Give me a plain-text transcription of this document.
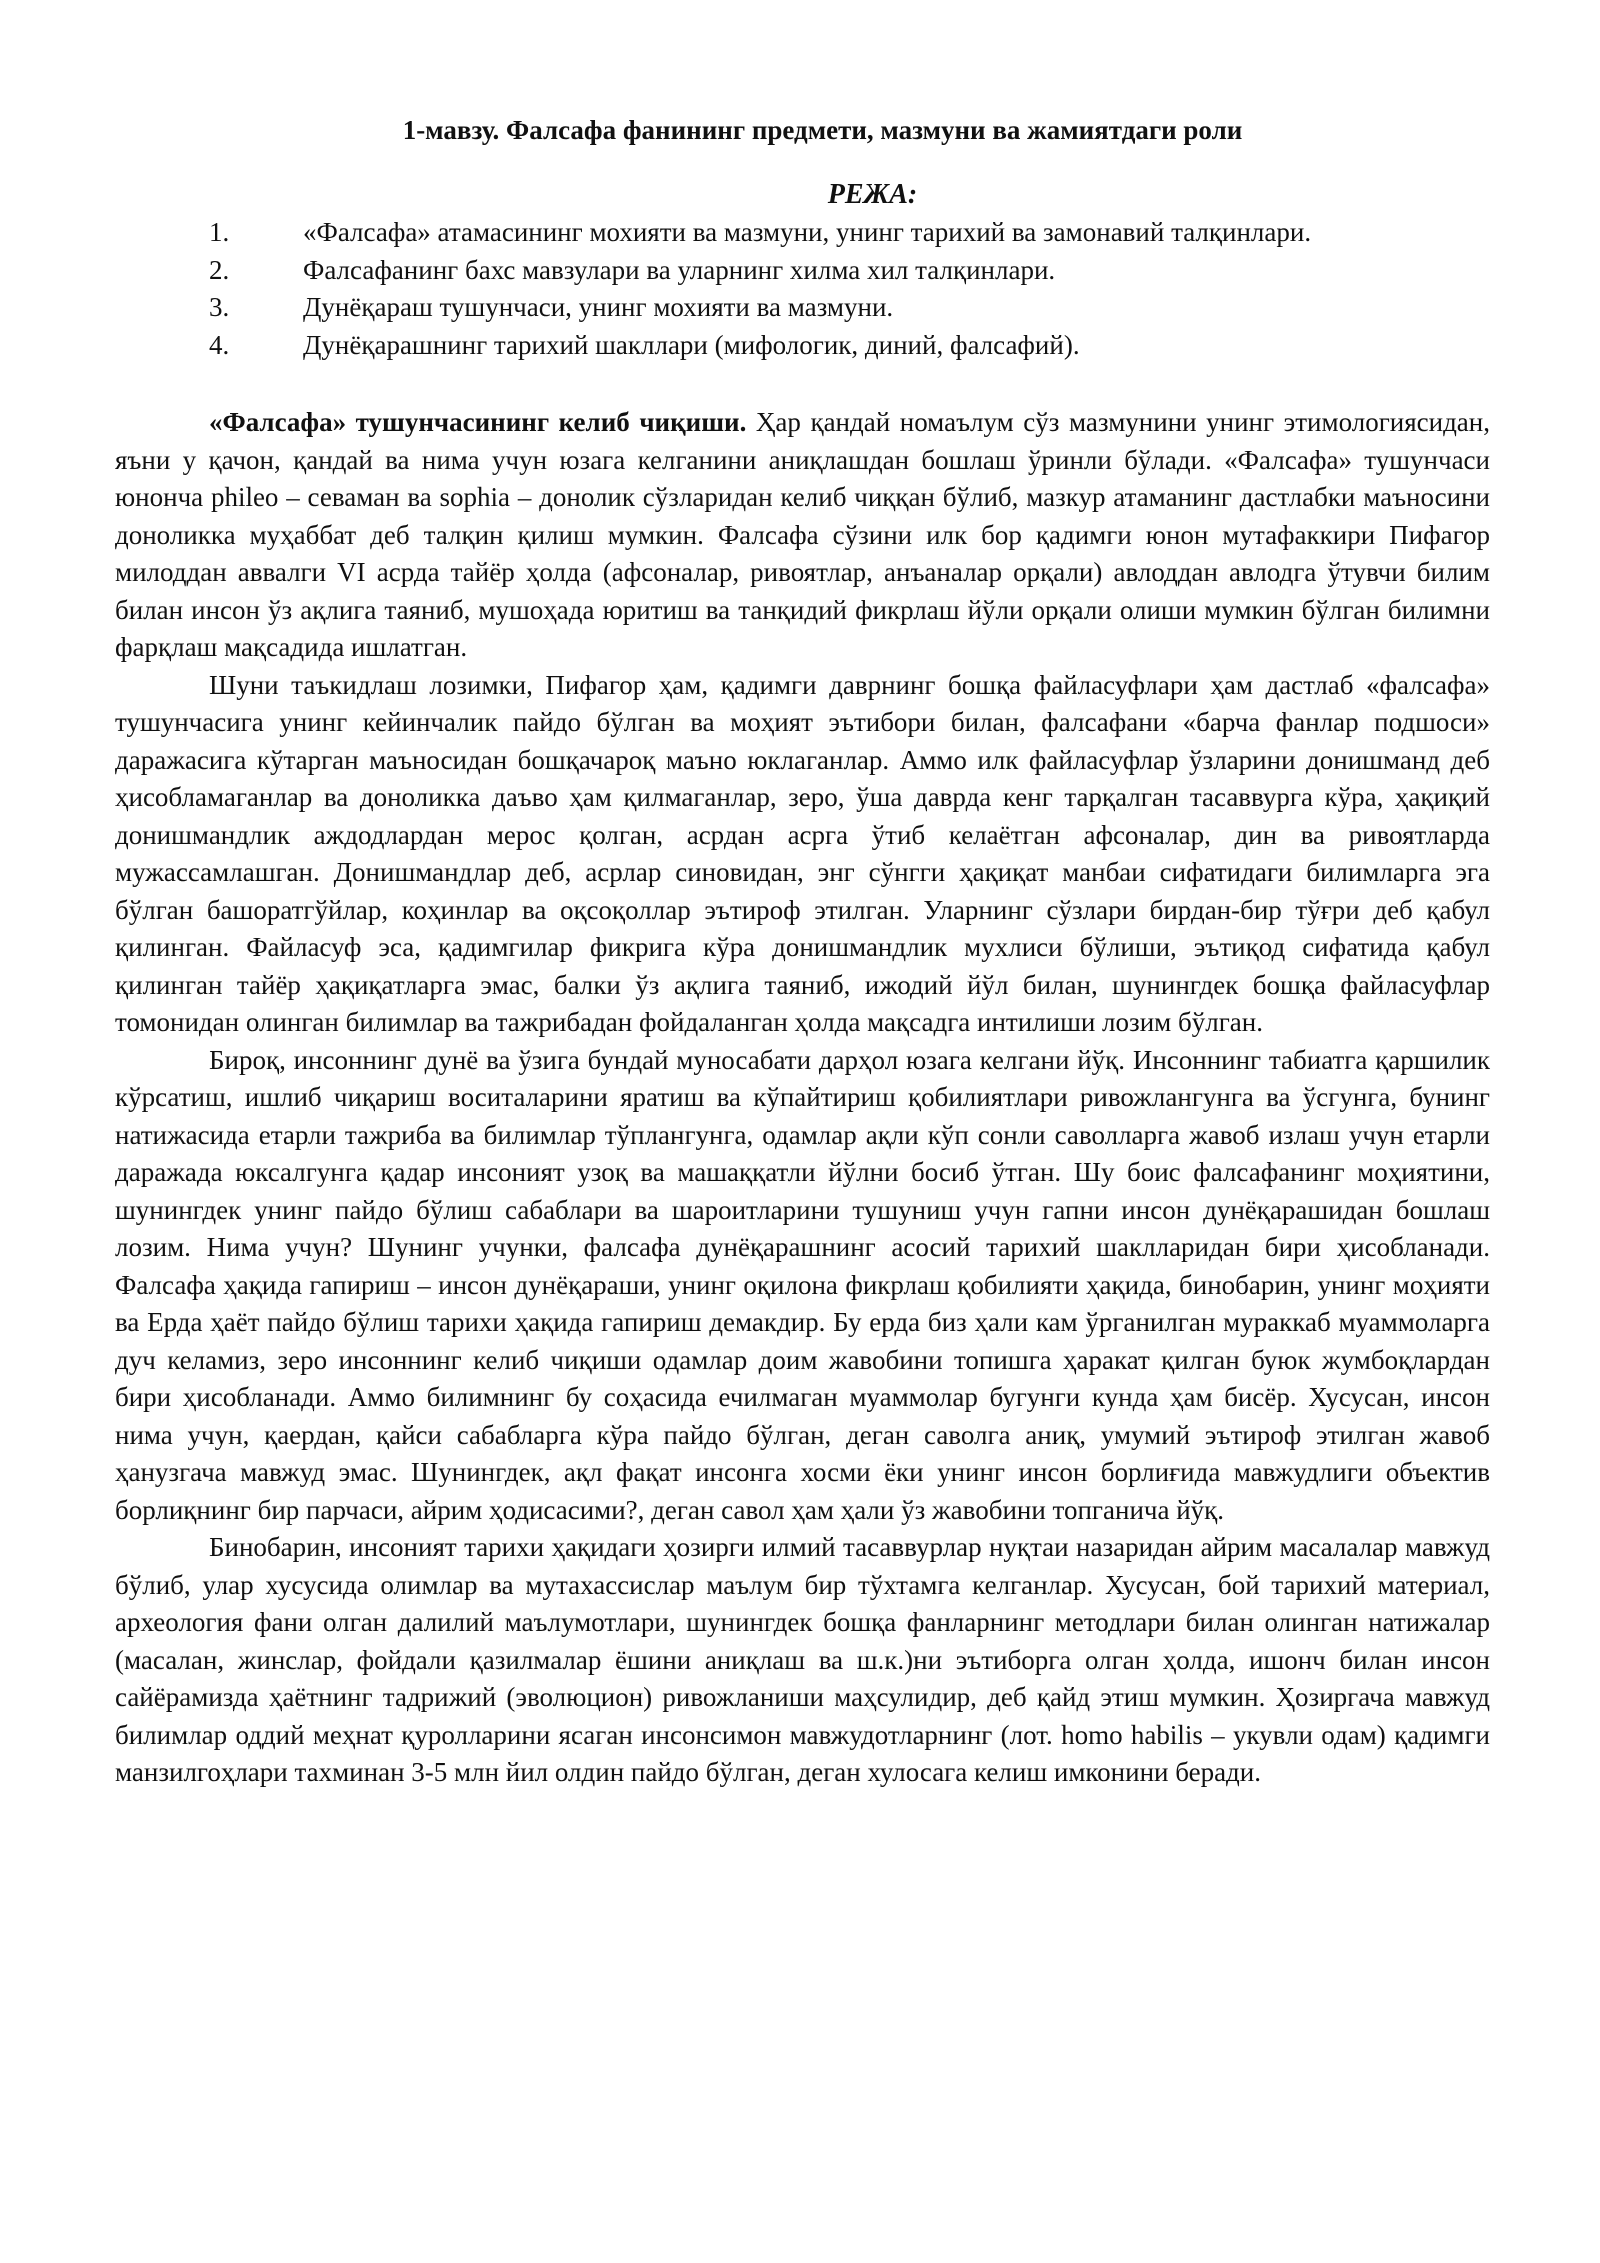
1-мавзу. Фалсафа фанининг предмети, мазмуни ва жамиятдаги роли
РЕЖА:
1.	«Фалсафа» атамасининг мохияти ва мазмуни, унинг тарихий ва замонавий талқинлари.
2.	Фалсафанинг бахс мавзулари ва уларнинг хилма хил талқинлари.
3.	Дунёқараш тушунчаси, унинг мохияти ва мазмуни.
4.	Дунёқарашнинг тарихий шакллари (мифологик, диний, фалсафий).

«Фалсафа» тушунчасининг келиб чиқиши. Ҳар қандай номаълум сўз мазмунини унинг этимологиясидан, яъни у қачон, қандай ва нима учун юзага келганини аниқлашдан бошлаш ўринли бўлади. «Фалсафа» тушунчаси юнонча phileo – севаман ва sophia – донолик сўзларидан келиб чиққан бўлиб, мазкур атаманинг дастлабки маъносини доноликка муҳаббат деб талқин қилиш мумкин. Фалсафа сўзини илк бор қадимги юнон мутафаккири Пифагор милоддан аввалги VI асрда тайёр ҳолда (афсоналар, ривоятлар, анъаналар орқали) авлоддан авлодга ўтувчи билим билан инсон ўз ақлига таяниб, мушоҳада юритиш ва танқидий фикрлаш йўли орқали олиши мумкин бўлган билимни фарқлаш мақсадида ишлатган.

Шуни таъкидлаш лозимки, Пифагор ҳам, қадимги даврнинг бошқа файласуфлари ҳам дастлаб «фалсафа» тушунчасига унинг кейинчалик пайдо бўлган ва моҳият эътибори билан, фалсафани «барча фанлар подшоси» даражасига кўтарган маъносидан бошқачароқ маъно юклаганлар. Аммо илк файласуфлар ўзларини донишманд деб ҳисобламаганлар ва доноликка даъво ҳам қилмаганлар, зеро, ўша даврда кенг тарқалган тасаввурга кўра, ҳақиқий донишмандлик аждодлардан мерос қолган, асрдан асрга ўтиб келаётган афсоналар, дин ва ривоятларда мужассамлашган. Донишмандлар деб, асрлар синовидан, энг сўнгги ҳақиқат манбаи сифатидаги билимларга эга бўлган башоратгўйлар, коҳинлар ва оқсоқоллар эътироф этилган. Уларнинг сўзлари бирдан-бир тўғри деб қабул қилинган. Файласуф эса, қадимгилар фикрига кўра донишмандлик мухлиси бўлиши, эътиқод сифатида қабул қилинган тайёр ҳақиқатларга эмас, балки ўз ақлига таяниб, ижодий йўл билан, шунингдек бошқа файласуфлар томонидан олинган билимлар ва тажрибадан фойдаланган ҳолда мақсадга интилиши лозим бўлган.

Бироқ, инсоннинг дунё ва ўзига бундай муносабати дарҳол юзага келгани йўқ. Инсоннинг табиатга қаршилик кўрсатиш, ишлиб чиқариш воситаларини яратиш ва кўпайтириш қобилиятлари ривожлангунга ва ўсгунга, бунинг натижасида етарли тажриба ва билимлар тўплангунга, одамлар ақли кўп сонли саволларга жавоб излаш учун етарли даражада юксалгунга қадар инсоният узоқ ва машаққатли йўлни босиб ўтган. Шу боис фалсафанинг моҳиятини, шунингдек унинг пайдо бўлиш сабаблари ва шароитларини тушуниш учун гапни инсон дунёқарашидан бошлаш лозим. Нима учун? Шунинг учунки, фалсафа дунёқарашнинг асосий тарихий шаклларидан бири ҳисобланади. Фалсафа ҳақида гапириш – инсон дунёқараши, унинг оқилона фикрлаш қобилияти ҳақида, бинобарин, унинг моҳияти ва Ерда ҳаёт пайдо бўлиш тарихи ҳақида гапириш демакдир. Бу ерда биз ҳали кам ўрганилган мураккаб муаммоларга дуч келамиз, зеро инсоннинг келиб чиқиши одамлар доим жавобини топишга ҳаракат қилган буюк жумбоқлардан бири ҳисобланади. Аммо билимнинг бу соҳасида ечилмаган муаммолар бугунги кунда ҳам бисёр. Хусусан, инсон нима учун, қаердан, қайси сабабларга кўра пайдо бўлган, деган саволга аниқ, умумий эътироф этилган жавоб ҳанузгача мавжуд эмас. Шунингдек, ақл фақат инсонга хосми ёки унинг инсон борлиғида мавжудлиги объектив борлиқнинг бир парчаси, айрим ҳодисасими?, деган савол ҳам ҳали ўз жавобини топганича йўқ.

Бинобарин, инсоният тарихи ҳақидаги ҳозирги илмий тасаввурлар нуқтаи назаридан айрим масалалар мавжуд бўлиб, улар хусусида олимлар ва мутахассислар маълум бир тўхтамга келганлар. Хусусан, бой тарихий материал, археология фани олган далилий маълумотлари, шунингдек бошқа фанларнинг методлари билан олинган натижалар (масалан, жинслар, фойдали қазилмалар ёшини аниқлаш ва ш.к.)ни эътиборга олган ҳолда, ишонч билан инсон сайёрамизда ҳаётнинг тадрижий (эволюцион) ривожланиши маҳсулидир, деб қайд этиш мумкин. Ҳозиргача мавжуд билимлар оддий меҳнат қуролларини ясаган инсонсимон мавжудотларнинг (лот. homo habilis – укувли одам) қадимги манзилгоҳлари тахминан 3-5 млн йил олдин пайдо бўлган, деган хулосага келиш имконини беради.
